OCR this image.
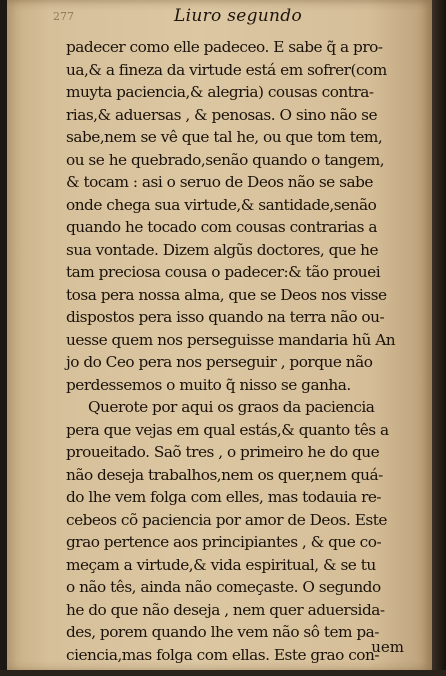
277	Liuro segundo
padecer como elle padeceo. E sabe q̃ a pro‐
ua,& a fineza da virtude está em sofrer(com
muyta paciencia,& alegria) cousas contra‐
rias,& aduersas , & penosas. O sino não se
sabe,nem se vê que tal he, ou que tom tem,
ou se he quebrado,senão quando o tangem,
& tocam : asi o seruo de Deos não se sabe
onde chega sua virtude,& santidade,senão
quando he tocado com cousas contrarias a
sua vontade. Dizem algũs doctores, que he
tam preciosa cousa o padecer:& tão prouei
tosa pera nossa alma, que se Deos nos visse
dispostos pera isso quando na terra não ou‐
uesse quem nos perseguisse mandaria hũ An
jo do Ceo pera nos perseguir , porque não
perdessemos o muito q̃ nisso se ganha.
Querote por aqui os graos da paciencia
pera que vejas em qual estás,& quanto tês a
proueitado. Saõ tres , o primeiro he do que
não deseja trabalhos,nem os quer,nem quá‐
do lhe vem folga com elles, mas todauia re‐
cebeos cõ paciencia por amor de Deos. Este
grao pertence aos principiantes , & que co‐
meçam a virtude,& vida espiritual, & se tu
o não tês, ainda não começaste. O segundo
he do que não deseja , nem quer aduersida‐
des, porem quando lhe vem não sô tem pa‐
ciencia,mas folga com ellas. Este grao con‐
uem
